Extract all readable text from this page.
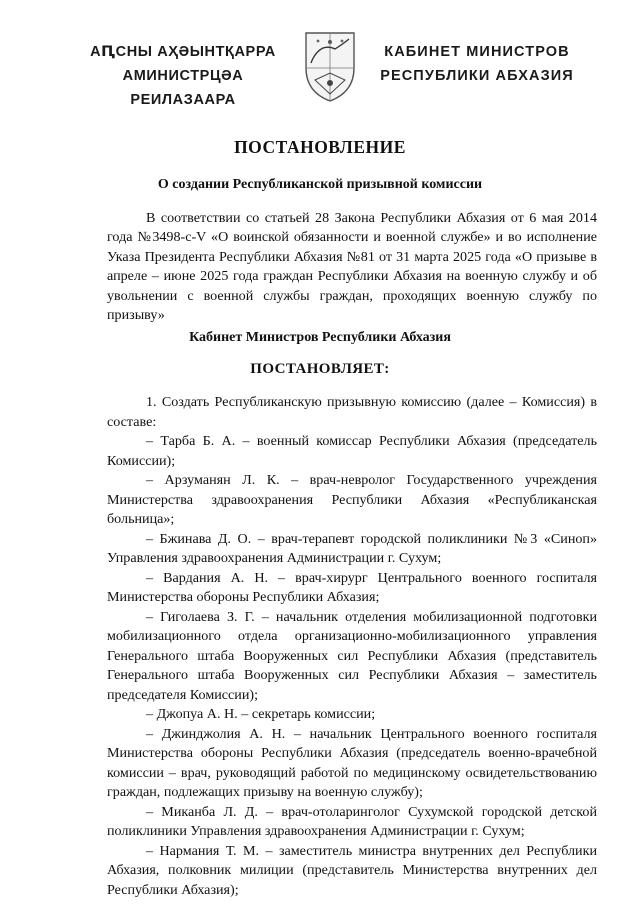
АԤСНЫ АҲӘЫНТҚАРРА
АМИНИСТРЦӘА РЕИЛАЗААРА
КАБИНЕТ МИНИСТРОВ
РЕСПУБЛИКИ АБХАЗИЯ
ПОСТАНОВЛЕНИЕ
О создании Республиканской призывной комиссии

В соответствии со статьей 28 Закона Республики Абхазия от 6 мая 2014 года №3498-с-V «О воинской обязанности и военной службе» и во исполнение Указа Президента Республики Абхазия №81 от 31 марта 2025 года «О призыве в апреле – июне 2025 года граждан Республики Абхазия на военную службу и об увольнении с военной службы граждан, проходящих военную службу по призыву»

Кабинет Министров Республики Абхазия
ПОСТАНОВЛЯЕТ:

1. Создать Республиканскую призывную комиссию (далее – Комиссия) в составе:

– Тарба Б. А. – военный комиссар Республики Абхазия (председатель Комиссии);

– Арзуманян Л. К. – врач-невролог Государственного учреждения Министерства здравоохранения Республики Абхазия «Республиканская больница»;

– Бжинава Д. О. – врач-терапевт городской поликлиники №3 «Синоп» Управления здравоохранения Администрации г. Сухум;

– Вардания А. Н. – врач-хирург Центрального военного госпиталя Министерства обороны Республики Абхазия;

– Гиголаева З. Г. – начальник отделения мобилизационной подготовки мобилизационного отдела организационно-мобилизационного управления Генерального штаба Вооруженных сил Республики Абхазия (представитель Генерального штаба Вооруженных сил Республики Абхазия – заместитель председателя Комиссии);

– Джопуа А. Н. – секретарь комиссии;

– Джинджолия А. Н. – начальник Центрального военного госпиталя Министерства обороны Республики Абхазия (председатель военно-врачебной комиссии – врач, руководящий работой по медицинскому освидетельствованию граждан, подлежащих призыву на военную службу);

– Миканба Л. Д. – врач-отоларинголог Сухумской городской детской поликлиники Управления здравоохранения Администрации г. Сухум;

– Нармания Т. М. – заместитель министра внутренних дел Республики Абхазия, полковник милиции (представитель Министерства внутренних дел Республики Абхазия);
